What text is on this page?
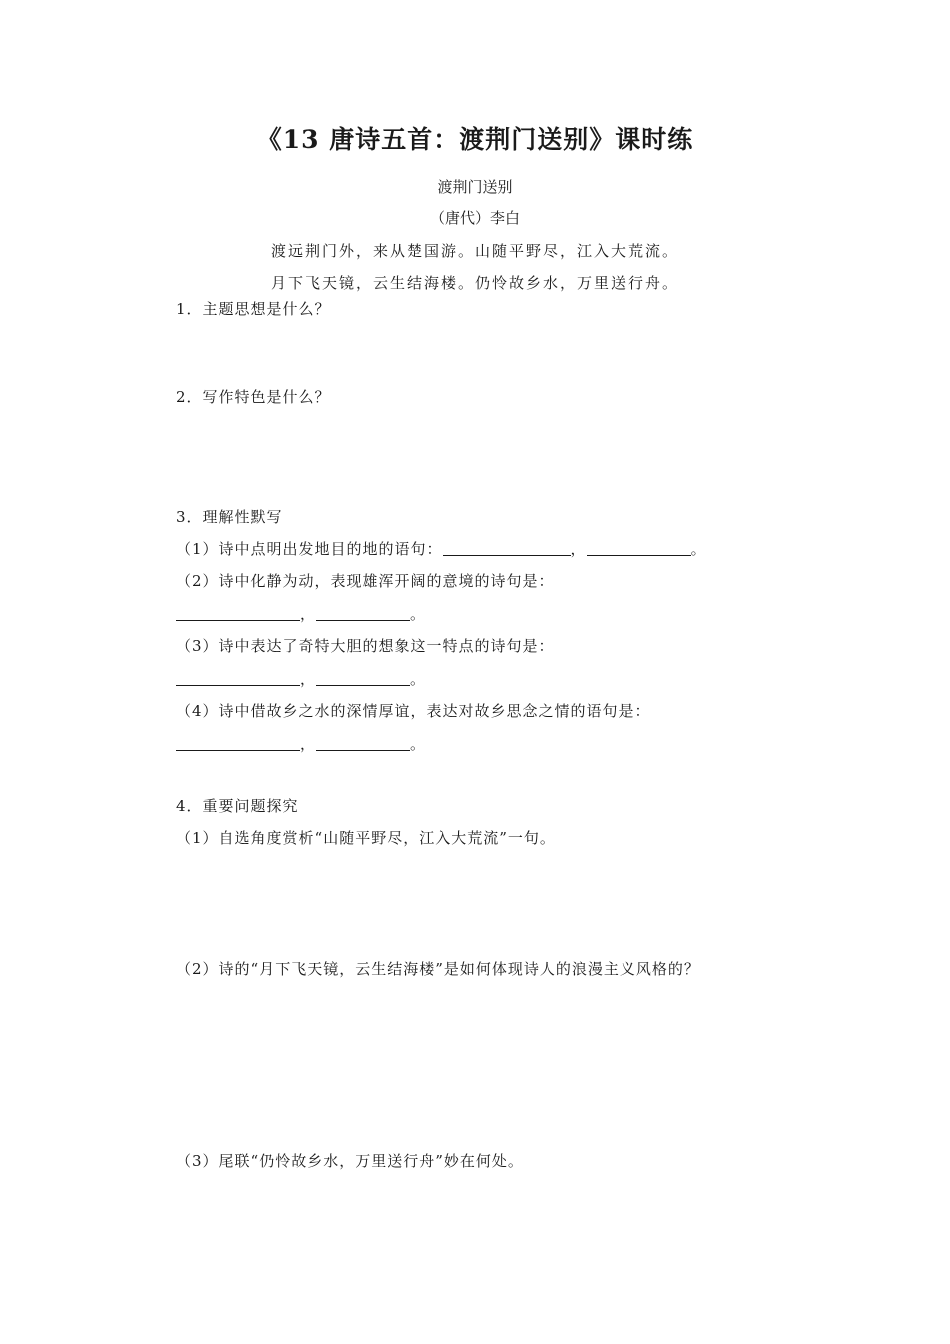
《13 唐诗五首：渡荆门送别》课时练
渡荆门送别
（唐代）李白
渡远荆门外，来从楚国游。山随平野尽，江入大荒流。
月下飞天镜，云生结海楼。仍怜故乡水，万里送行舟。
1．主题思想是什么？
2．写作特色是什么？
3．理解性默写
（1）诗中点明出发地目的地的语句：	，	。
（2）诗中化静为动，表现雄浑开阔的意境的诗句是：
，	。
（3）诗中表达了奇特大胆的想象这一特点的诗句是：
，	。
（4）诗中借故乡之水的深情厚谊，表达对故乡思念之情的语句是：
，	。
4．重要问题探究
（1）自选角度赏析“山随平野尽，江入大荒流”一句。
（2）诗的“月下飞天镜，云生结海楼”是如何体现诗人的浪漫主义风格的？
（3）尾联“仍怜故乡水，万里送行舟”妙在何处。
